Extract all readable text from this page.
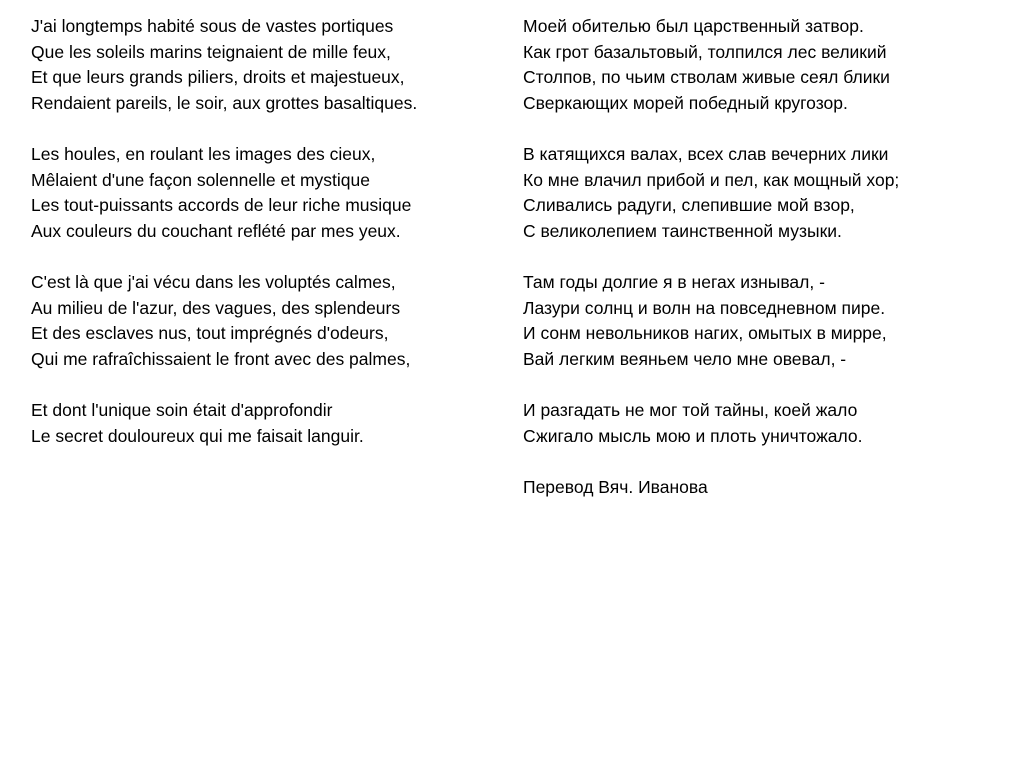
J'ai longtemps habité sous de vastes portiques
Que les soleils marins teignaient de mille feux,
Et que leurs grands piliers, droits et majestueux,
Rendaient pareils, le soir, aux grottes basaltiques.
Les houles, en roulant les images des cieux,
Mêlaient d'une façon solennelle et mystique
Les tout-puissants accords de leur riche musique
Aux couleurs du couchant reflété par mes yeux.
C'est là que j'ai vécu dans les voluptés calmes,
Au milieu de l'azur, des vagues, des splendeurs
Et des esclaves nus, tout imprégnés d'odeurs,
Qui me rafraîchissaient le front avec des palmes,
Et dont l'unique soin était d'approfondir
Le secret douloureux qui me faisait languir.
Моей обителью был царственный затвор.
Как грот базальтовый, толпился лес великий
Столпов, по чьим стволам живые сеял блики
Сверкающих морей победный кругозор.
В катящихся валах, всех слав вечерних лики
Ко мне влачил прибой и пел, как мощный хор;
Сливались радуги, слепившие мой взор,
С великолепием таинственной музыки.
Там годы долгие я в негах изнывал, -
Лазури солнц и волн на повседневном пире.
И сонм невольников нагих, омытых в мирре,
Вай легким веяньем чело мне овевал, -
И разгадать не мог той тайны, коей жало
Сжигало мысль мою и плоть уничтожало.
Перевод Вяч. Иванова
